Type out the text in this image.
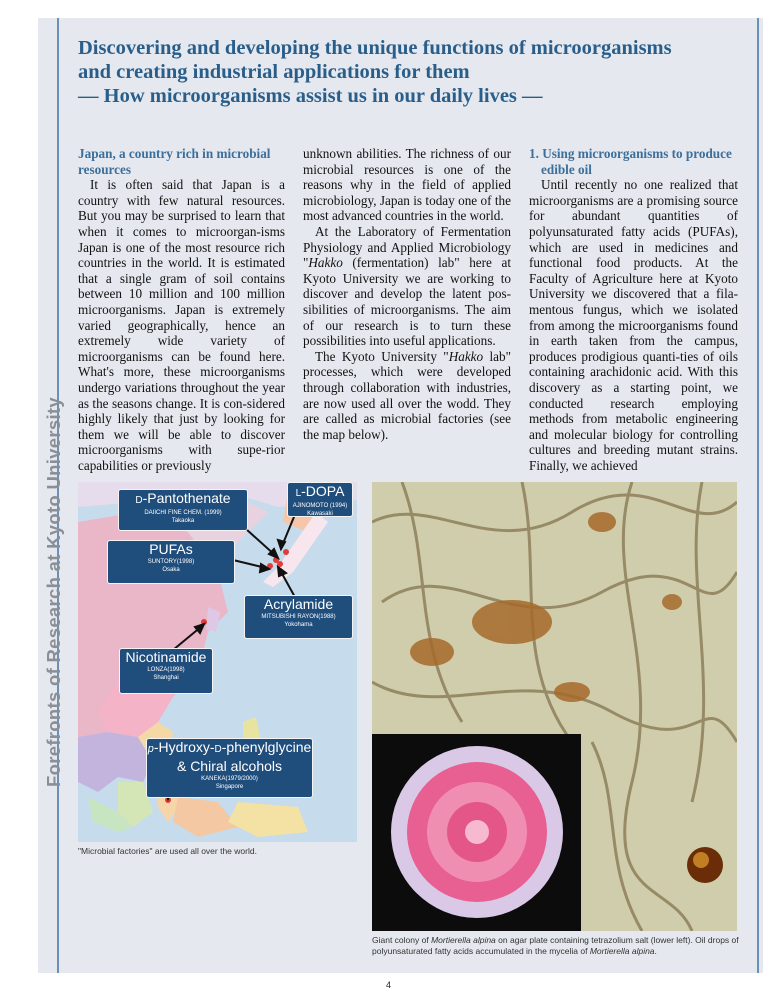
Forefronts of Research at Kyoto University
Discovering and developing the unique functions of microorganisms
and creating industrial applications for them
— How microorganisms assist us in our daily lives —
Japan, a country rich in microbial
resources

It is often said that Japan is a country with few natural resources. But you may be surprised to learn that when it comes to microorgan-isms Japan is one of the most resource rich countries in the world. It is estimated that a single gram of soil contains between 10 million and 100 million microorganisms. Japan is extremely varied geographically, hence an extremely wide variety of microorganisms can be found here. What's more, these microorganisms undergo variations throughout the year as the seasons change. It is con-sidered highly likely that just by looking for them we will be able to discover microorganisms with supe-rior capabilities or previously

unknown abilities. The richness of our microbial resources is one of the reasons why in the field of applied microbiology, Japan is today one of the most advanced countries in the world.

At the Laboratory of Fermentation Physiology and Applied Microbiology "Hakko (fermentation) lab" here at Kyoto University we are working to discover and develop the latent pos-sibilities of microorganisms. The aim of our research is to turn these possibilities into useful applications.

The Kyoto University "Hakko lab" processes, which were developed through collaboration with industries, are now used all over the wodd. They are called as microbial factories (see the map below).

1. Using microorganisms to produce
edible oil

Until recently no one realized that microorganisms are a promising source for abundant quantities of polyunsaturated fatty acids (PUFAs), which are used in medicines and functional food products. At the Faculty of Agriculture here at Kyoto University we discovered that a fila-mentous fungus, which we isolated from among the microorganisms found in earth taken from the campus, produces prodigious quanti-ties of oils containing arachidonic acid. With this discovery as a starting point, we conducted research employing methods from metabolic engineering and molecular biology for controlling cultures and breeding mutant strains. Finally, we achieved

D-Pantothenate
DAIICHI FINE CHEM. (1999)
Takaoka
L-DOPA
AJINOMOTO (1994)
Kawasaki
PUFAs
SUNTORY(1998)
Osaka
Acrylamide
MITSUBISHI RAYON(1988)
Yokohama
Nicotinamide
LONZA(1998)
Shanghai
p-Hydroxy-D-phenylglycine
& Chiral alcohols
KANEKA(1979/2000)
Singapore
"Microbial factories" are used all over the world.
Giant colony of Mortierella alpina on agar plate containing tetrazolium salt (lower left). Oil drops of polyunsaturated fatty acids accumulated in the mycelia of Mortierella alpina.
4
